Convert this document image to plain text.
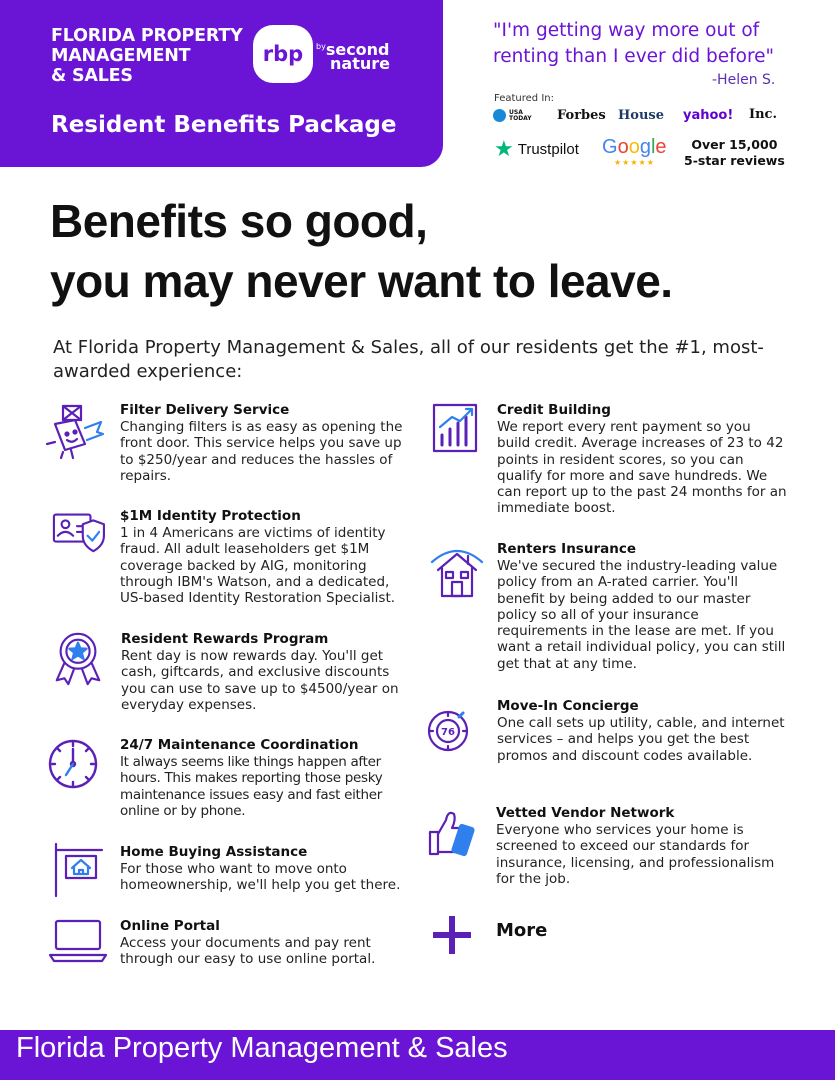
FLORIDA PROPERTY
MANAGEMENT
& SALES
rbp $^{by}$second
nature
Resident Benefits Package
"I'm getting way more out of renting than I ever did before"
-Helen S.
Featured In:
USA
TODAY Forbes House yahoo! Inc.
★ Trustpilot Google
★★★★★
Over 15,000
5-star reviews
Benefits so good,
you may never want to leave.
At Florida Property Management & Sales, all of our residents get the #1, most-awarded experience:
Filter Delivery Service
Changing filters is as easy as opening the front door. This service helps you save up to $250/year and reduces the hassles of repairs.
$1M Identity Protection
1 in 4 Americans are victims of identity fraud. All adult leaseholders get $1M coverage backed by AIG, monitoring through IBM's Watson, and a dedicated, US-based Identity Restoration Specialist.
Resident Rewards Program
Rent day is now rewards day. You'll get cash, giftcards, and exclusive discounts you can use to save up to $4500/year on everyday expenses.
24/7 Maintenance Coordination
It always seems like things happen after hours. This makes reporting those pesky maintenance issues easy and fast either online or by phone.
Home Buying Assistance
For those who want to move onto homeownership, we'll help you get there.
Online Portal
Access your documents and pay rent through our easy to use online portal.
Credit Building
We report every rent payment so you build credit. Average increases of 23 to 42 points in resident scores, so you can qualify for more and save hundreds. We can report up to the past 24 months for an immediate boost.
Renters Insurance
We've secured the industry-leading value policy from an A-rated carrier. You'll benefit by being added to our master policy so all of your insurance requirements in the lease are met. If you want a retail individual policy, you can still get that at any time.
76
Move-In Concierge
One call sets up utility, cable, and internet services – and helps you get the best promos and discount codes available.
Vetted Vendor Network
Everyone who services your home is screened to exceed our standards for insurance, licensing, and professionalism for the job.
More
Florida Property Management & Sales
